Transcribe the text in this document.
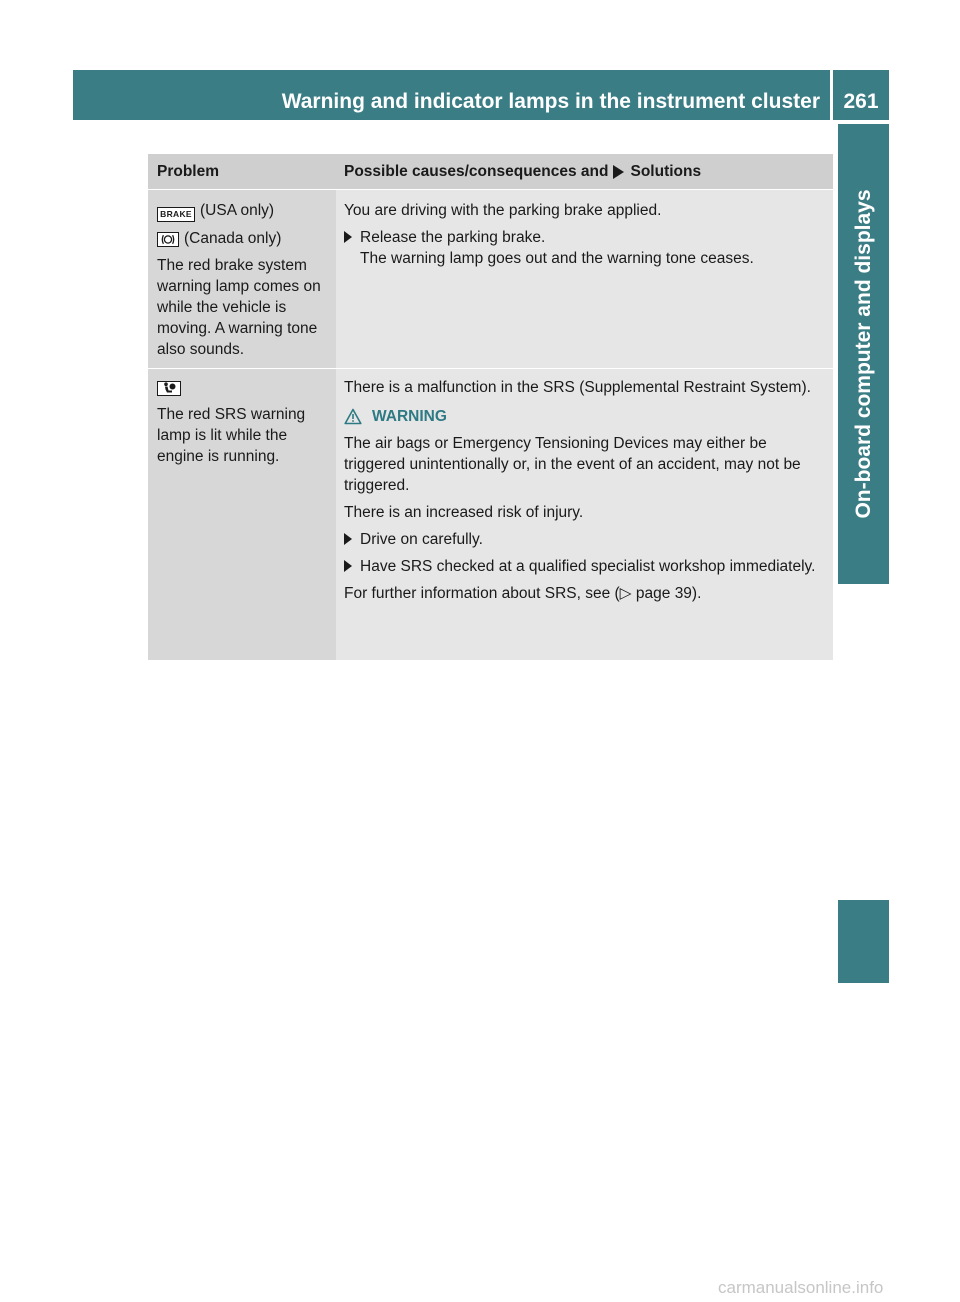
Warning and indicator lamps in the instrument cluster	261
On-board computer and displays
Problem	Possible causes/consequences and Solutions

BRAKE (USA only)

(Canada only)

The red brake system warning lamp comes on while the vehicle is moving. A warning tone also sounds.

You are driving with the parking brake applied.

Release the parking brake.

The warning lamp goes out and the warning tone ceases.

The red SRS warning lamp is lit while the engine is running.

There is a malfunction in the SRS (Supplemental Restraint System).

WARNING

The air bags or Emergency Tensioning Devices may either be triggered unintentionally or, in the event of an accident, may not be triggered.

There is an increased risk of injury.

Drive on carefully.

Have SRS checked at a qualified specialist workshop immediately.

For further information about SRS, see (▷ page 39).

carmanualsonline.info
